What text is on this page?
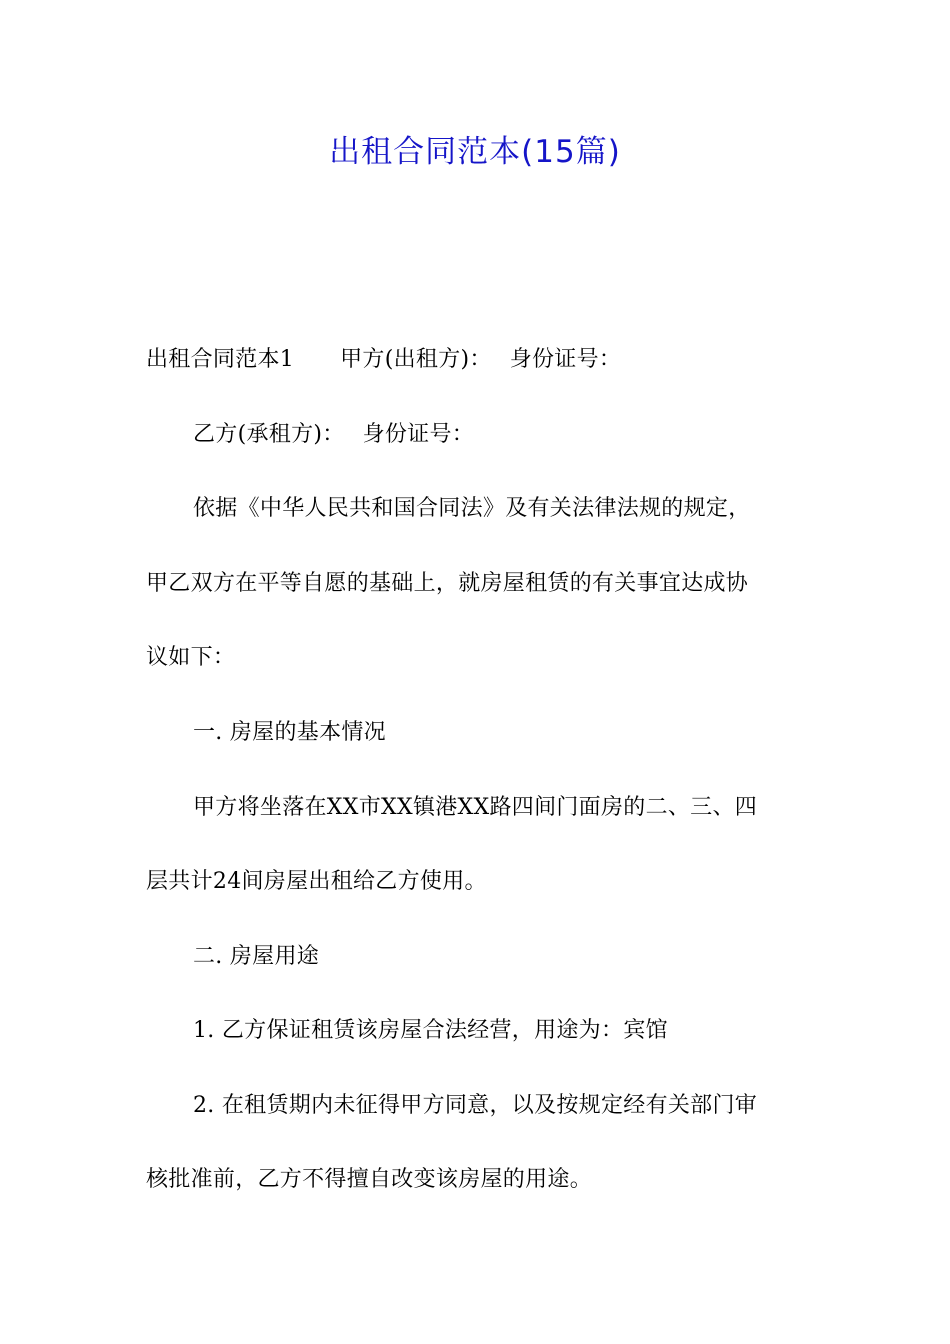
出租合同范本(15篇)
出租合同范本1 甲方(出租方)： 身份证号：
乙方(承租方)： 身份证号：
依据《中华人民共和国合同法》及有关法律法规的规定，
甲乙双方在平等自愿的基础上，就房屋租赁的有关事宜达成协
议如下：
一. 房屋的基本情况
甲方将坐落在XX市XX镇港XX路四间门面房的二、三、四
层共计24间房屋出租给乙方使用。
二. 房屋用途
1. 乙方保证租赁该房屋合法经营，用途为：宾馆
2. 在租赁期内未征得甲方同意，以及按规定经有关部门审
核批准前，乙方不得擅自改变该房屋的用途。
